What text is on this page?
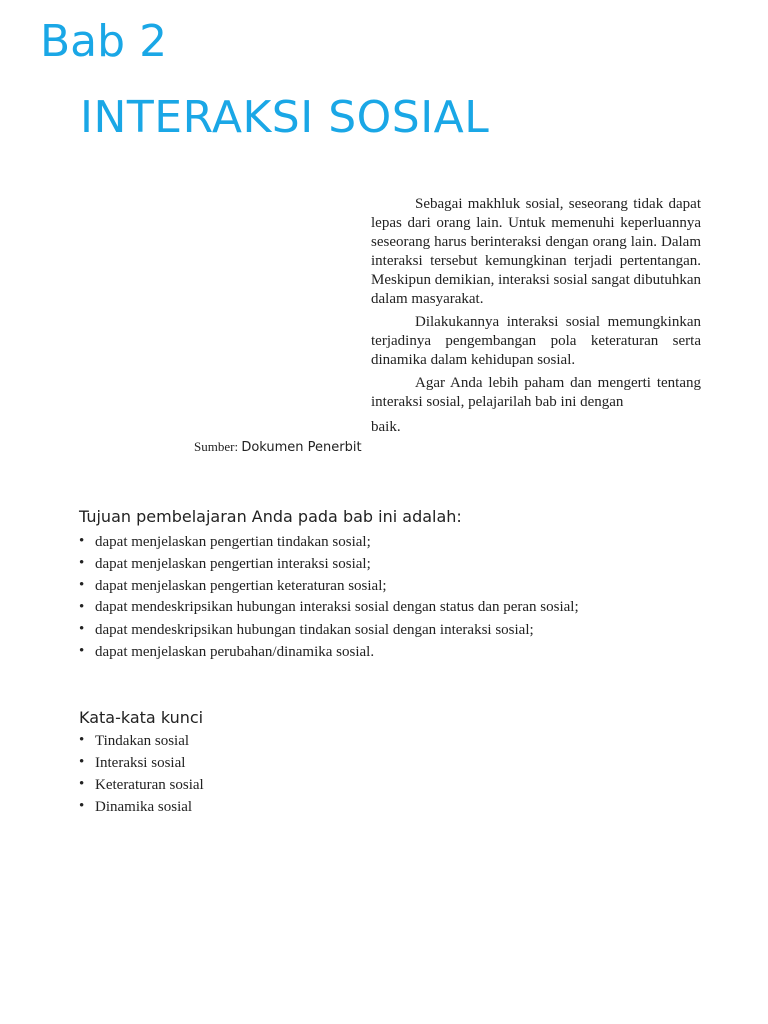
Bab 2
INTERAKSI SOSIAL
Sumber: Dokumen Penerbit

Sebagai makhluk sosial, seseorang tidak dapat lepas dari orang lain. Untuk memenuhi keperluannya seseorang harus berinteraksi dengan orang lain. Dalam interaksi tersebut kemungkinan terjadi pertentangan. Meskipun demikian, interaksi sosial sangat dibutuhkan dalam masyarakat.

Dilakukannya interaksi sosial memungkinkan terjadinya pengembangan pola keteraturan serta dinamika dalam kehidupan sosial.

Agar Anda lebih paham dan mengerti tentang interaksi sosial, pelajarilah bab ini dengan

baik.

Tujuan pembelajaran Anda pada bab ini adalah:
• dapat menjelaskan pengertian tindakan sosial;
• dapat menjelaskan pengertian interaksi sosial;
• dapat menjelaskan pengertian keteraturan sosial;
• dapat mendeskripsikan hubungan interaksi sosial dengan status dan peran sosial;
• dapat mendeskripsikan hubungan tindakan sosial dengan interaksi sosial;
• dapat menjelaskan perubahan/dinamika sosial.
Kata-kata kunci
• Tindakan sosial
• Interaksi sosial
• Keteraturan sosial
• Dinamika sosial
